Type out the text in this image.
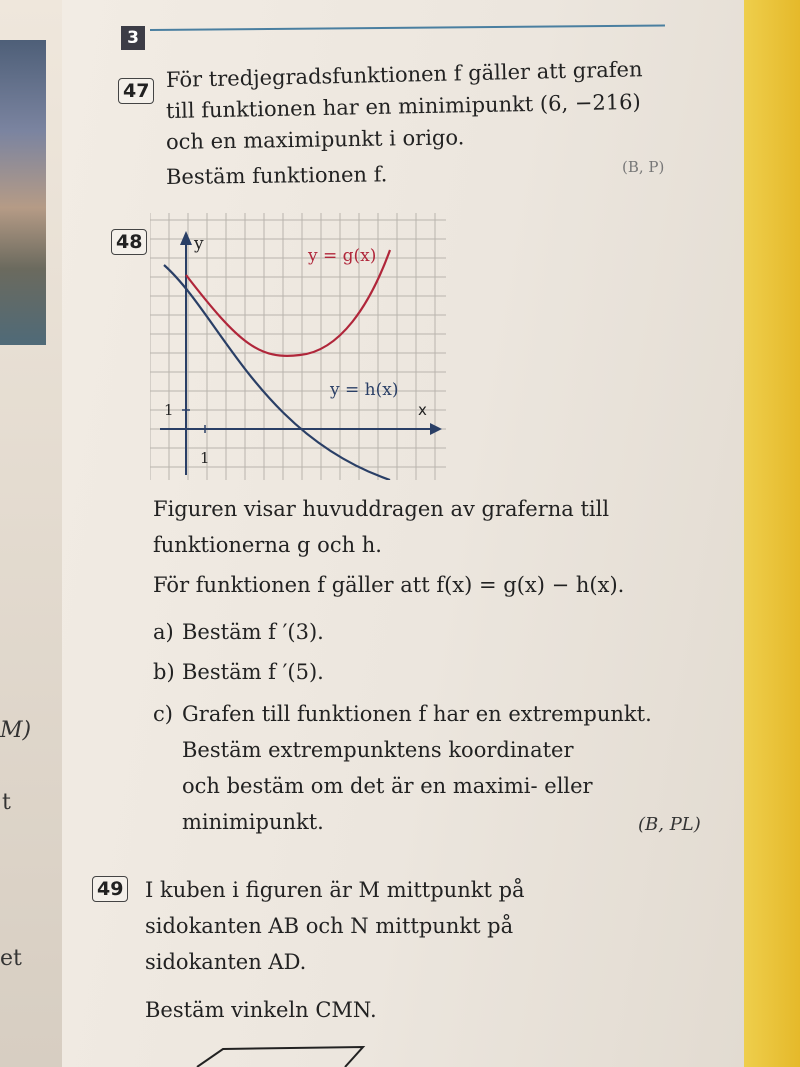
M)
t
et
3
47 För tredjegradsfunktionen f gäller att grafen
till funktionen har en minimipunkt (6, −216)
och en maximipunkt i origo.
Bestäm funktionen f.	(B, P)
48	y
x
1
1
y = g(x)
y = h(x)
Figuren visar huvuddragen av graferna till
funktionerna g och h.
För funktionen f gäller att f(x) = g(x) − h(x).
a) Bestäm f ′(3).
b) Bestäm f ′(5).
c) Grafen till funktionen f har en extrempunkt.
Bestäm extrempunktens koordinater
och bestäm om det är en maximi- eller
minimipunkt.	(B, PL)
49 I kuben i figuren är M mittpunkt på
sidokanten AB och N mittpunkt på
sidokanten AD.
Bestäm vinkeln CMN.
